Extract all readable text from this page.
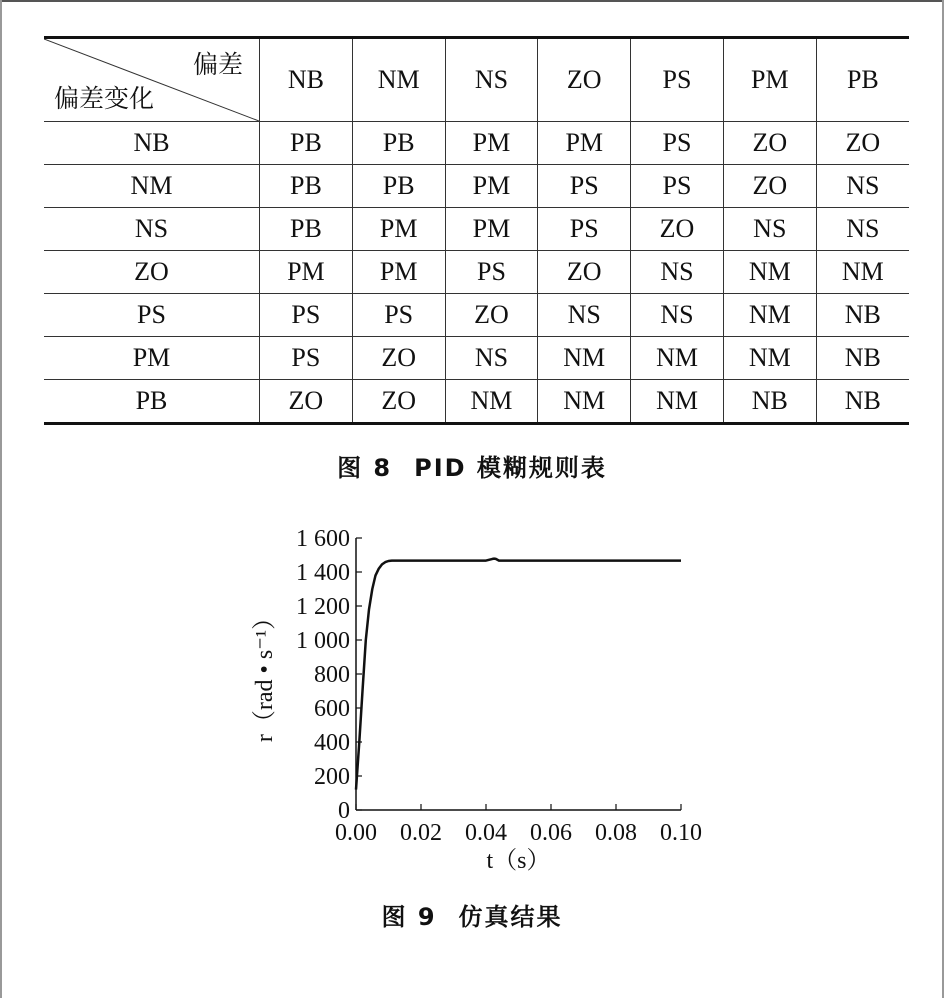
偏差
偏差变化	NB	NM	NS	ZO	PS	PM	PB
NB	PB	PB	PM	PM	PS	ZO	ZO
NM	PB	PB	PM	PS	PS	ZO	NS
NS	PB	PM	PM	PS	ZO	NS	NS
ZO	PM	PM	PS	ZO	NS	NM	NM
PS	PS	PS	ZO	NS	NS	NM	NB
PM	PS	ZO	NS	NM	NM	NM	NB
PB	ZO	ZO	NM	NM	NM	NB	NB
图 8 PID 模糊规则表
0
200
400
600
800
1 000
1 200
1 400
1 600
0.00 0.02 0.04 0.06 0.08 0.10
t（s）
r（rad • s⁻¹）
图 9 仿真结果
